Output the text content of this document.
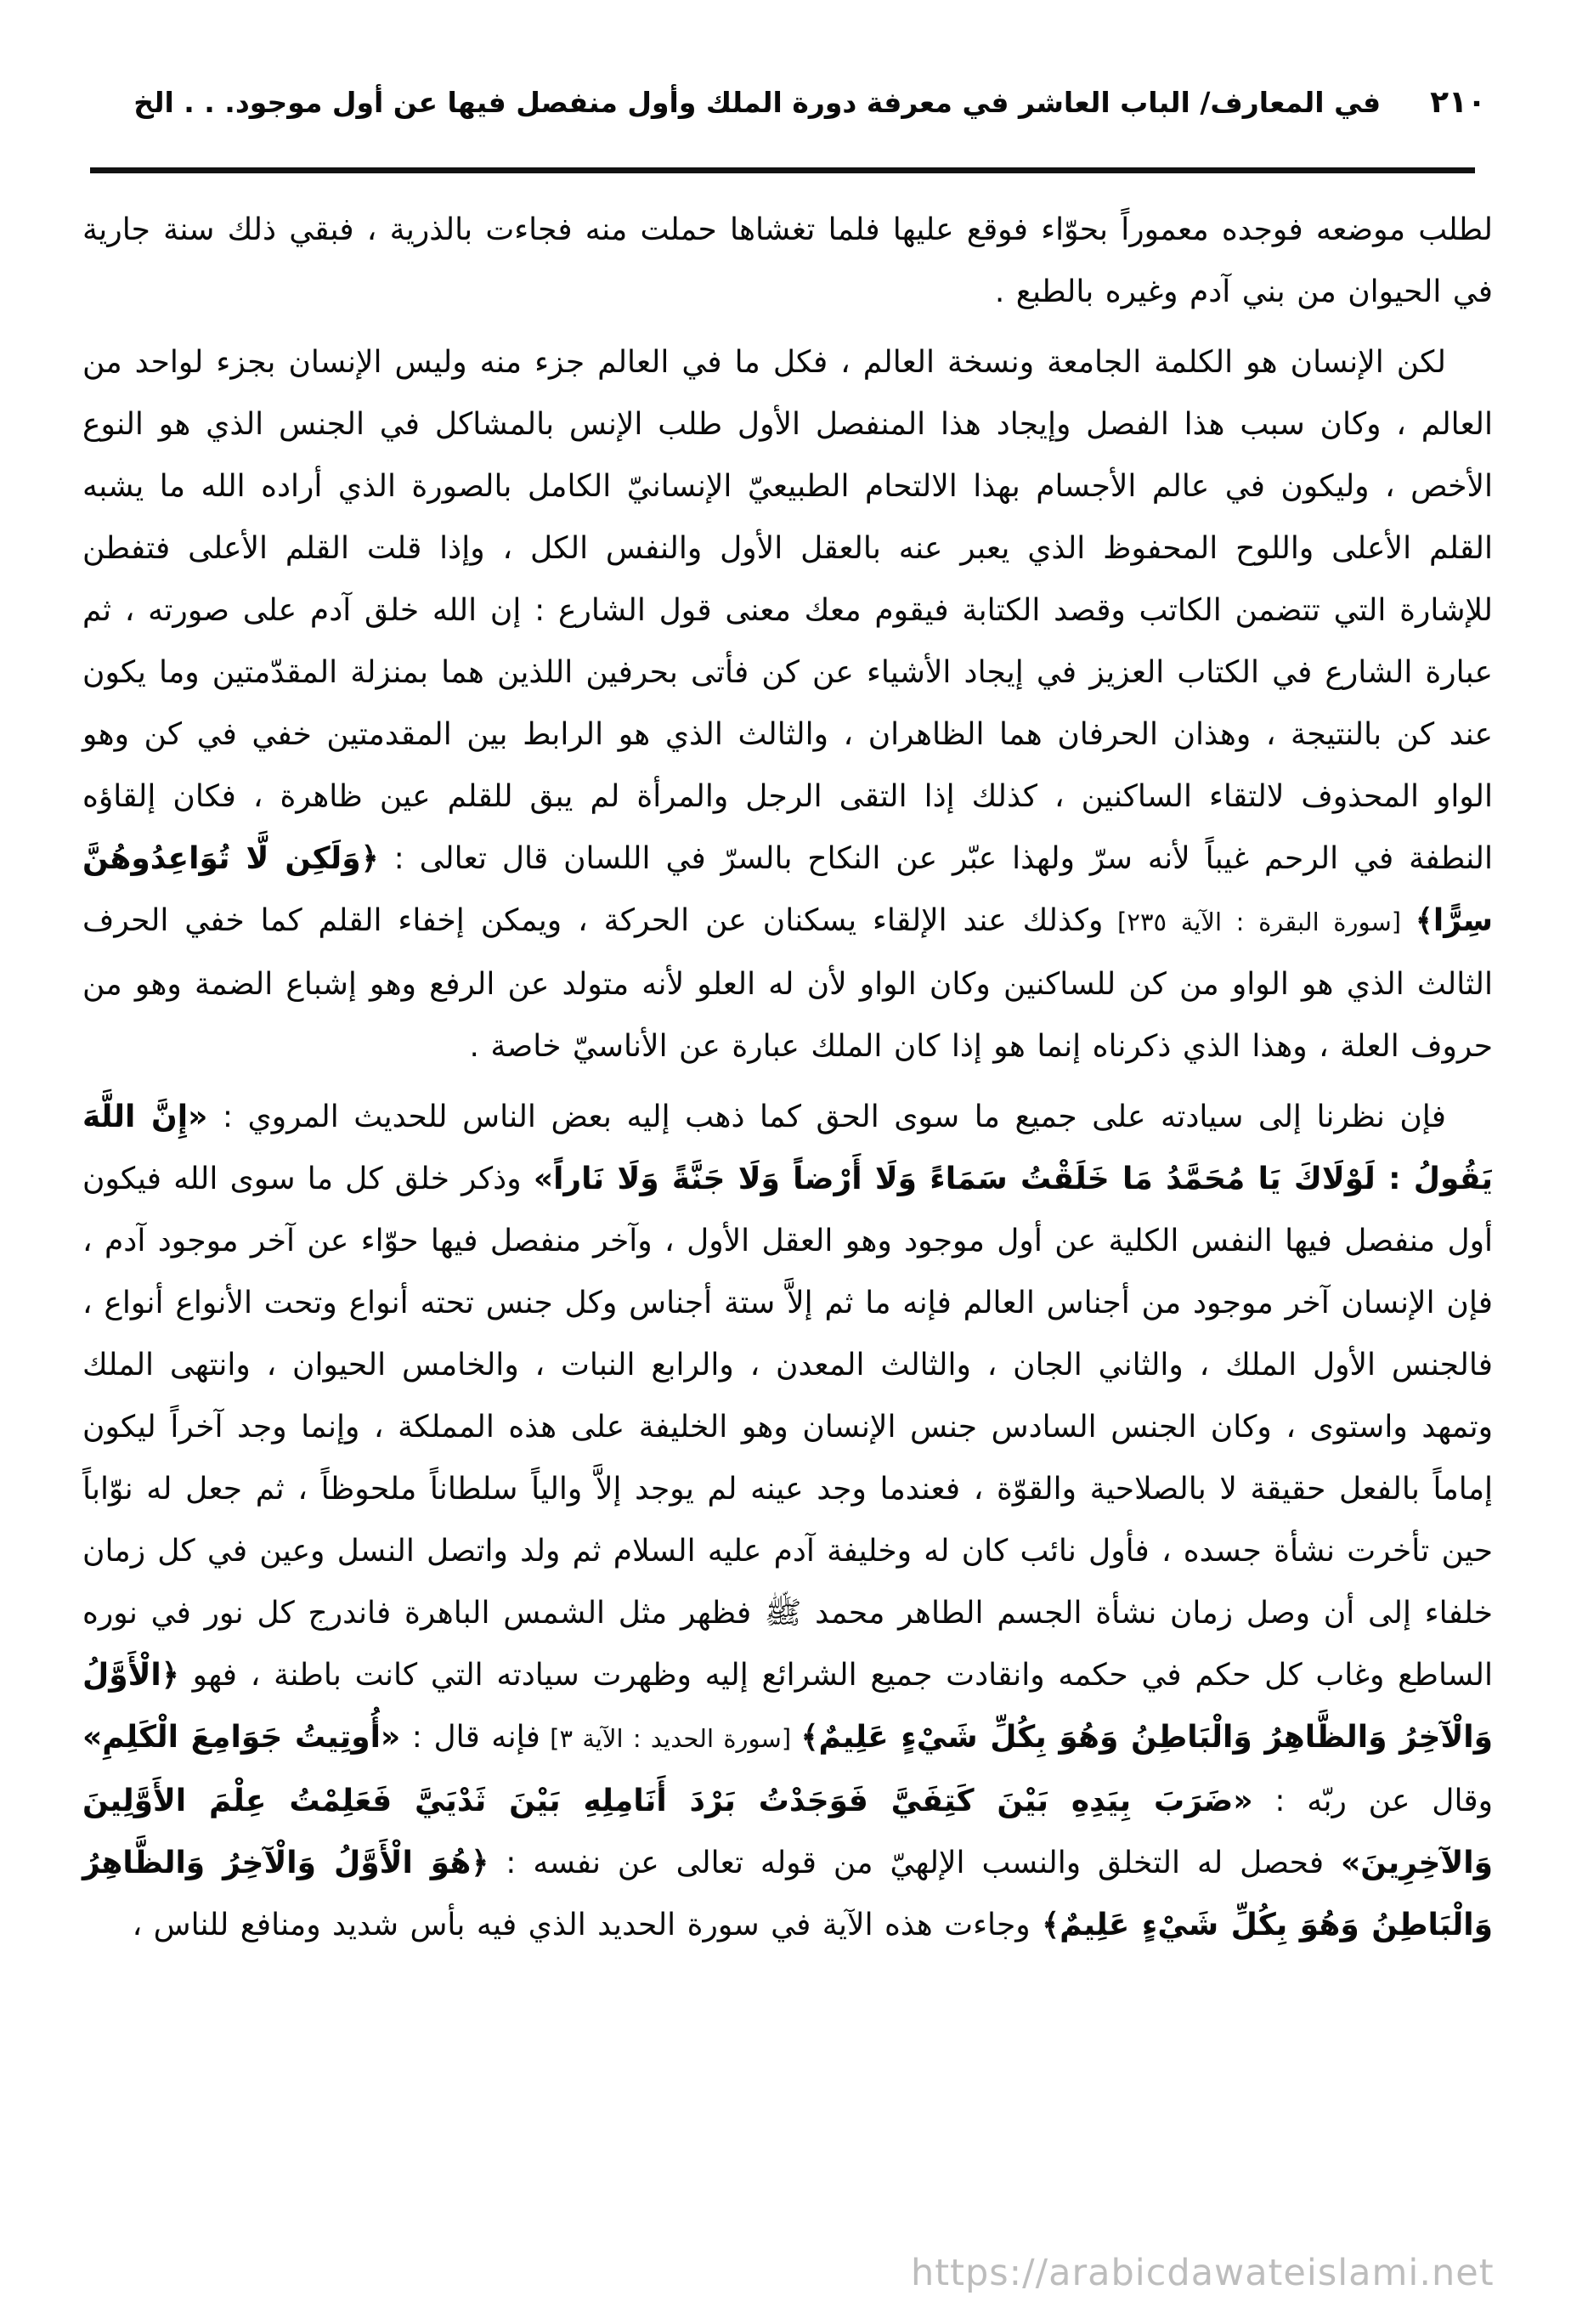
٢١٠
في المعارف/ الباب العاشر في معرفة دورة الملك وأول منفصل فيها عن أول موجود. . . الخ

لطلب موضعه فوجده معموراً بحوّاء فوقع عليها فلما تغشاها حملت منه فجاءت بالذرية ، فبقي ذلك سنة جارية في الحيوان من بني آدم وغيره بالطبع .

لكن الإنسان هو الكلمة الجامعة ونسخة العالم ، فكل ما في العالم جزء منه وليس الإنسان بجزء لواحد من العالم ، وكان سبب هذا الفصل وإيجاد هذا المنفصل الأول طلب الإنس بالمشاكل في الجنس الذي هو النوع الأخص ، وليكون في عالم الأجسام بهذا الالتحام الطبيعيّ الإنسانيّ الكامل بالصورة الذي أراده الله ما يشبه القلم الأعلى واللوح المحفوظ الذي يعبر عنه بالعقل الأول والنفس الكل ، وإذا قلت القلم الأعلى فتفطن للإشارة التي تتضمن الكاتب وقصد الكتابة فيقوم معك معنى قول الشارع : إن الله خلق آدم على صورته ، ثم عبارة الشارع في الكتاب العزيز في إيجاد الأشياء عن كن فأتى بحرفين اللذين هما بمنزلة المقدّمتين وما يكون عند كن بالنتيجة ، وهذان الحرفان هما الظاهران ، والثالث الذي هو الرابط بين المقدمتين خفي في كن وهو الواو المحذوف لالتقاء الساكنين ، كذلك إذا التقى الرجل والمرأة لم يبق للقلم عين ظاهرة ، فكان إلقاؤه النطفة في الرحم غيباً لأنه سرّ ولهذا عبّر عن النكاح بالسرّ في اللسان قال تعالى : ﴿وَلَكِن لَّا تُوَاعِدُوهُنَّ سِرًّا﴾ [سورة البقرة : الآية ٢٣٥] وكذلك عند الإلقاء يسكنان عن الحركة ، ويمكن إخفاء القلم كما خفي الحرف الثالث الذي هو الواو من كن للساكنين وكان الواو لأن له العلو لأنه متولد عن الرفع وهو إشباع الضمة وهو من حروف العلة ، وهذا الذي ذكرناه إنما هو إذا كان الملك عبارة عن الأناسيّ خاصة .

فإن نظرنا إلى سيادته على جميع ما سوى الحق كما ذهب إليه بعض الناس للحديث المروي : «إِنَّ اللَّهَ يَقُولُ : لَوْلَاكَ يَا مُحَمَّدُ مَا خَلَقْتُ سَمَاءً وَلَا أَرْضاً وَلَا جَنَّةً وَلَا نَاراً» وذكر خلق كل ما سوى الله فيكون أول منفصل فيها النفس الكلية عن أول موجود وهو العقل الأول ، وآخر منفصل فيها حوّاء عن آخر موجود آدم ، فإن الإنسان آخر موجود من أجناس العالم فإنه ما ثم إلاَّ ستة أجناس وكل جنس تحته أنواع وتحت الأنواع أنواع ، فالجنس الأول الملك ، والثاني الجان ، والثالث المعدن ، والرابع النبات ، والخامس الحيوان ، وانتهى الملك وتمهد واستوى ، وكان الجنس السادس جنس الإنسان وهو الخليفة على هذه المملكة ، وإنما وجد آخراً ليكون إماماً بالفعل حقيقة لا بالصلاحية والقوّة ، فعندما وجد عينه لم يوجد إلاَّ والياً سلطاناً ملحوظاً ، ثم جعل له نوّاباً حين تأخرت نشأة جسده ، فأول نائب كان له وخليفة آدم عليه السلام ثم ولد واتصل النسل وعين في كل زمان خلفاء إلى أن وصل زمان نشأة الجسم الطاهر محمد ﷺ فظهر مثل الشمس الباهرة فاندرج كل نور في نوره الساطع وغاب كل حكم في حكمه وانقادت جميع الشرائع إليه وظهرت سيادته التي كانت باطنة ، فهو ﴿الْأَوَّلُ وَالْآخِرُ وَالظَّاهِرُ وَالْبَاطِنُ وَهُوَ بِكُلِّ شَيْءٍ عَلِيمٌ﴾ [سورة الحديد : الآية ٣] فإنه قال : «أُوتِيتُ جَوَامِعَ الْكَلِمِ» وقال عن ربّه : «ضَرَبَ بِيَدِهِ بَيْنَ كَتِفَيَّ فَوَجَدْتُ بَرْدَ أَنَامِلِهِ بَيْنَ ثَدْيَيَّ فَعَلِمْتُ عِلْمَ الأَوَّلِينَ وَالآخِرِينَ» فحصل له التخلق والنسب الإلهيّ من قوله تعالى عن نفسه : ﴿هُوَ الْأَوَّلُ وَالْآخِرُ وَالظَّاهِرُ وَالْبَاطِنُ وَهُوَ بِكُلِّ شَيْءٍ عَلِيمٌ﴾ وجاءت هذه الآية في سورة الحديد الذي فيه بأس شديد ومنافع للناس ،

https://arabicdawateislami.net
